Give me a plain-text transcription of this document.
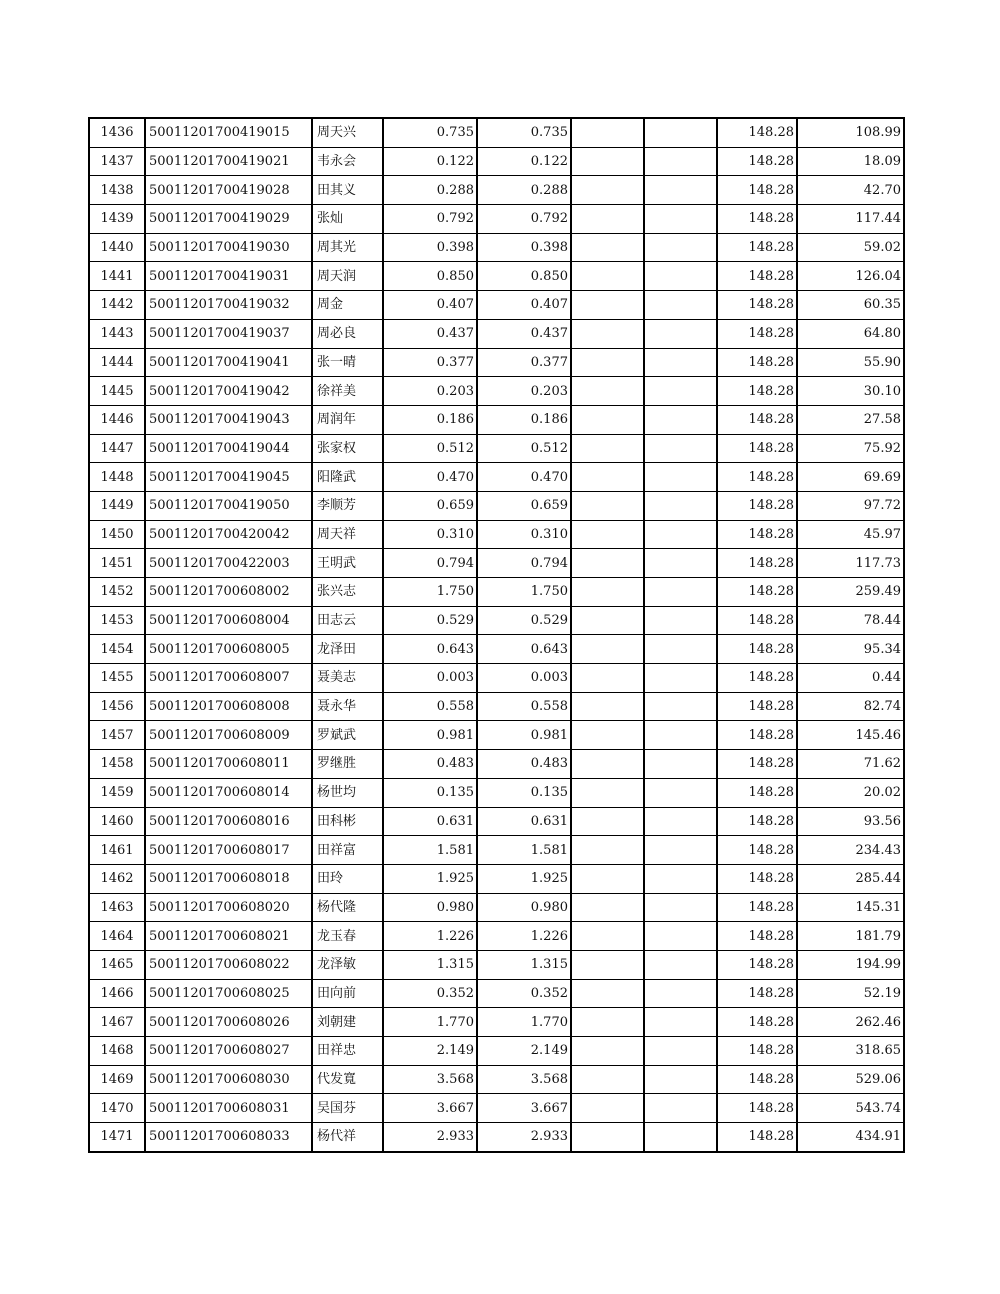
1436	50011201700419015	周天兴	0.735	0.735			148.28	108.99
1437	50011201700419021	韦永会	0.122	0.122			148.28	18.09
1438	50011201700419028	田其义	0.288	0.288			148.28	42.70
1439	50011201700419029	张灿	0.792	0.792			148.28	117.44
1440	50011201700419030	周其光	0.398	0.398			148.28	59.02
1441	50011201700419031	周天润	0.850	0.850			148.28	126.04
1442	50011201700419032	周金	0.407	0.407			148.28	60.35
1443	50011201700419037	周必良	0.437	0.437			148.28	64.80
1444	50011201700419041	张一晴	0.377	0.377			148.28	55.90
1445	50011201700419042	徐祥美	0.203	0.203			148.28	30.10
1446	50011201700419043	周润年	0.186	0.186			148.28	27.58
1447	50011201700419044	张家权	0.512	0.512			148.28	75.92
1448	50011201700419045	阳隆武	0.470	0.470			148.28	69.69
1449	50011201700419050	李顺芳	0.659	0.659			148.28	97.72
1450	50011201700420042	周天祥	0.310	0.310			148.28	45.97
1451	50011201700422003	王明武	0.794	0.794			148.28	117.73
1452	50011201700608002	张兴志	1.750	1.750			148.28	259.49
1453	50011201700608004	田志云	0.529	0.529			148.28	78.44
1454	50011201700608005	龙泽田	0.643	0.643			148.28	95.34
1455	50011201700608007	聂美志	0.003	0.003			148.28	0.44
1456	50011201700608008	聂永华	0.558	0.558			148.28	82.74
1457	50011201700608009	罗斌武	0.981	0.981			148.28	145.46
1458	50011201700608011	罗继胜	0.483	0.483			148.28	71.62
1459	50011201700608014	杨世均	0.135	0.135			148.28	20.02
1460	50011201700608016	田科彬	0.631	0.631			148.28	93.56
1461	50011201700608017	田祥富	1.581	1.581			148.28	234.43
1462	50011201700608018	田玲	1.925	1.925			148.28	285.44
1463	50011201700608020	杨代隆	0.980	0.980			148.28	145.31
1464	50011201700608021	龙玉春	1.226	1.226			148.28	181.79
1465	50011201700608022	龙泽敏	1.315	1.315			148.28	194.99
1466	50011201700608025	田向前	0.352	0.352			148.28	52.19
1467	50011201700608026	刘朝建	1.770	1.770			148.28	262.46
1468	50011201700608027	田祥忠	2.149	2.149			148.28	318.65
1469	50011201700608030	代发寬	3.568	3.568			148.28	529.06
1470	50011201700608031	吴国芬	3.667	3.667			148.28	543.74
1471	50011201700608033	杨代祥	2.933	2.933			148.28	434.91
